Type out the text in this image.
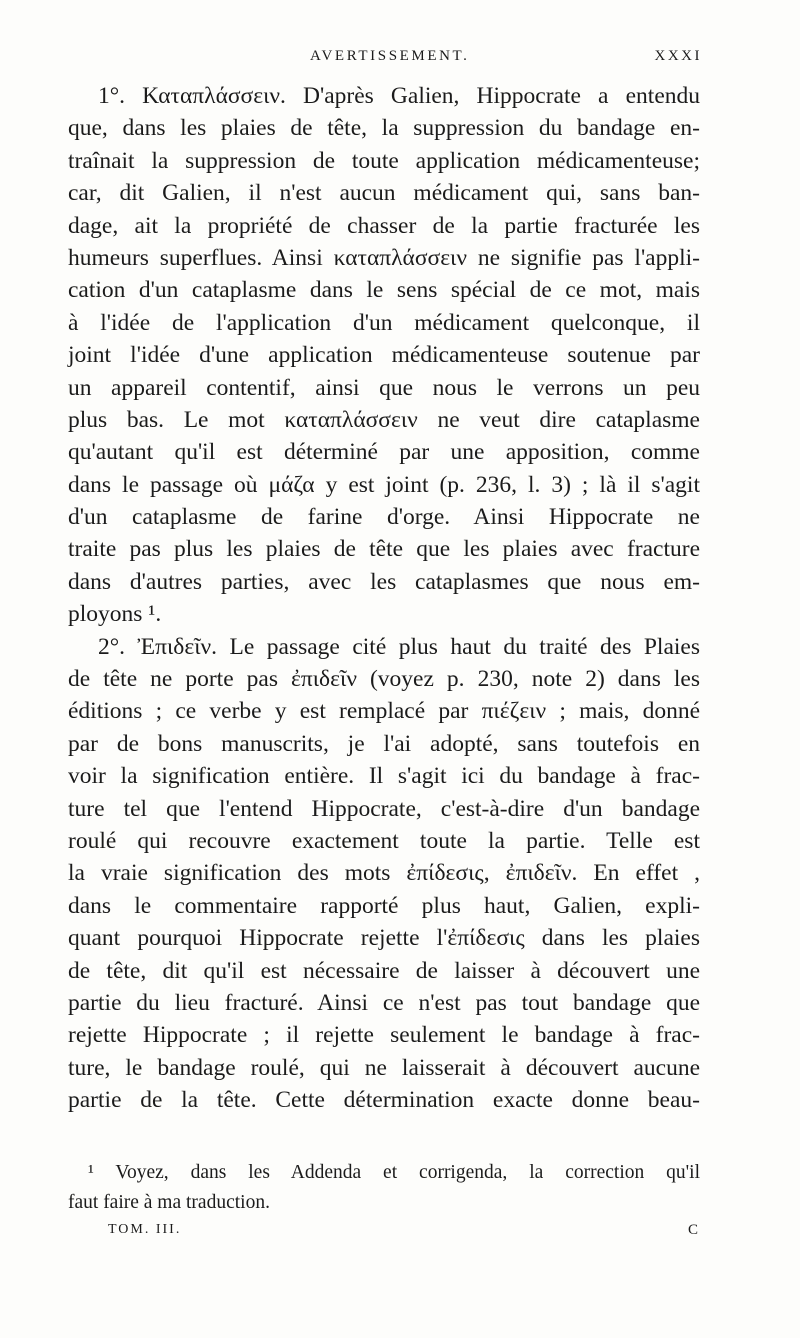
AVERTISSEMENT.	XXXI
1°. Καταπλάσσειν. D'après Galien, Hippocrate a entendu
que, dans les plaies de tête, la suppression du bandage en-
traînait la suppression de toute application médicamenteuse;
car, dit Galien, il n'est aucun médicament qui, sans ban-
dage, ait la propriété de chasser de la partie fracturée les
humeurs superflues. Ainsi καταπλάσσειν ne signifie pas l'appli-
cation d'un cataplasme dans le sens spécial de ce mot, mais
à l'idée de l'application d'un médicament quelconque, il
joint l'idée d'une application médicamenteuse soutenue par
un appareil contentif, ainsi que nous le verrons un peu
plus bas. Le mot καταπλάσσειν ne veut dire cataplasme
qu'autant qu'il est déterminé par une apposition, comme
dans le passage où μάζα y est joint (p. 236, l. 3) ; là il s'agit
d'un cataplasme de farine d'orge. Ainsi Hippocrate ne
traite pas plus les plaies de tête que les plaies avec fracture
dans d'autres parties, avec les cataplasmes que nous em-
ployons ¹.
2°. Ἐπιδεῖν. Le passage cité plus haut du traité des Plaies
de tête ne porte pas ἐπιδεῖν (voyez p. 230, note 2) dans les
éditions ; ce verbe y est remplacé par πιέζειν ; mais, donné
par de bons manuscrits, je l'ai adopté, sans toutefois en
voir la signification entière. Il s'agit ici du bandage à frac-
ture tel que l'entend Hippocrate, c'est-à-dire d'un bandage
roulé qui recouvre exactement toute la partie. Telle est
la vraie signification des mots ἐπίδεσις, ἐπιδεῖν. En effet ,
dans le commentaire rapporté plus haut, Galien, expli-
quant pourquoi Hippocrate rejette l'ἐπίδεσις dans les plaies
de tête, dit qu'il est nécessaire de laisser à découvert une
partie du lieu fracturé. Ainsi ce n'est pas tout bandage que
rejette Hippocrate ; il rejette seulement le bandage à frac-
ture, le bandage roulé, qui ne laisserait à découvert aucune
partie de la tête. Cette détermination exacte donne beau-
¹ Voyez, dans les Addenda et corrigenda, la correction qu'il
faut faire à ma traduction.
TOM. III.	C
